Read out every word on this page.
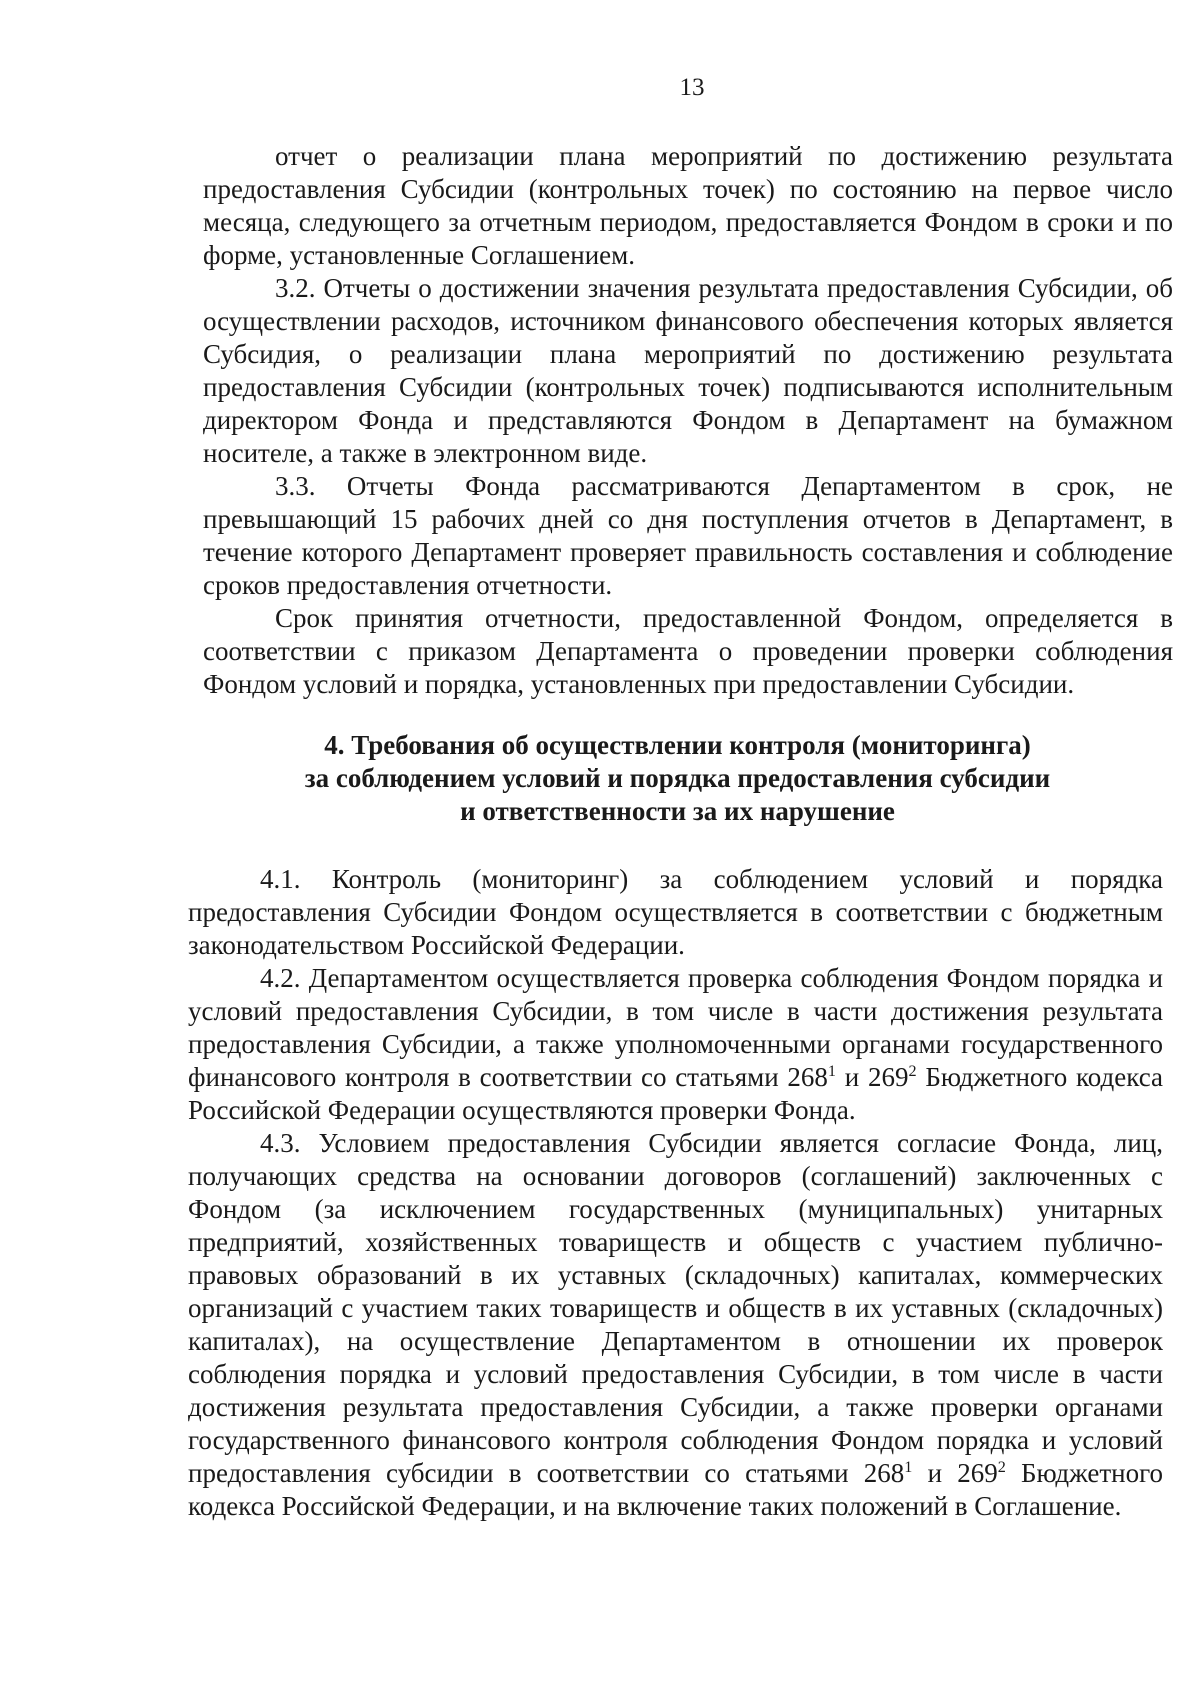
13

отчет о реализации плана мероприятий по достижению результата предоставления Субсидии (контрольных точек) по состоянию на первое число месяца, следующего за отчетным периодом, предоставляется Фондом в сроки и по форме, установленные Соглашением.

3.2. Отчеты о достижении значения результата предоставления Субсидии, об осуществлении расходов, источником финансового обеспечения которых является Субсидия, о реализации плана мероприятий по достижению результата предоставления Субсидии (контрольных точек) подписываются исполнительным директором Фонда и представляются Фондом в Департамент на бумажном носителе, а также в электронном виде.

3.3. Отчеты Фонда рассматриваются Департаментом в срок, не превышающий 15 рабочих дней со дня поступления отчетов в Департамент, в течение которого Департамент проверяет правильность составления и соблюдение сроков предоставления отчетности.

Срок принятия отчетности, предоставленной Фондом, определяется в соответствии с приказом Департамента о проведении проверки соблюдения Фондом условий и порядка, установленных при предоставлении Субсидии.

4. Требования об осуществлении контроля (мониторинга)
за соблюдением условий и порядка предоставления субсидии
и ответственности за их нарушение

4.1. Контроль (мониторинг) за соблюдением условий и порядка предоставления Субсидии Фондом осуществляется в соответствии с бюджетным законодательством Российской Федерации.

4.2. Департаментом осуществляется проверка соблюдения Фондом порядка и условий предоставления Субсидии, в том числе в части достижения результата предоставления Субсидии, а также уполномоченными органами государственного финансового контроля в соответствии со статьями $268^1$ и $269^2$ Бюджетного кодекса Российской Федерации осуществляются проверки Фонда.

4.3. Условием предоставления Субсидии является согласие Фонда, лиц, получающих средства на основании договоров (соглашений) заключенных с Фондом (за исключением государственных (муниципальных) унитарных предприятий, хозяйственных товариществ и обществ с участием публично-правовых образований в их уставных (складочных) капиталах, коммерческих организаций с участием таких товариществ и обществ в их уставных (складочных) капиталах), на осуществление Департаментом в отношении их проверок соблюдения порядка и условий предоставления Субсидии, в том числе в части достижения результата предоставления Субсидии, а также проверки органами государственного финансового контроля соблюдения Фондом порядка и условий предоставления субсидии в соответствии со статьями $268^1$ и $269^2$ Бюджетного кодекса Российской Федерации, и на включение таких положений в Соглашение.
